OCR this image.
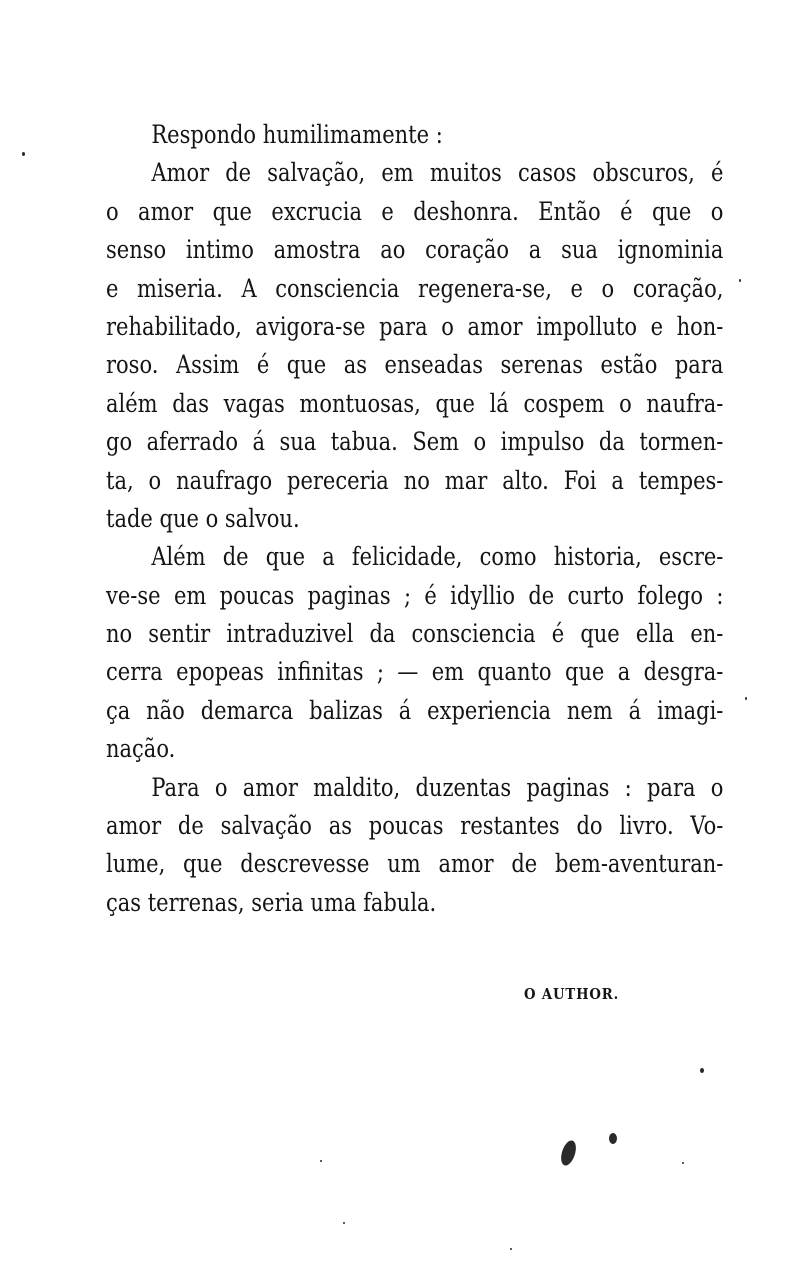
Respondo humilimamente :
Amor de salvação, em muitos casos obscuros, é
o amor que excrucia e deshonra. Então é que o
senso intimo amostra ao coração a sua ignominia
e miseria. A consciencia regenera-se, e o coração,
rehabilitado, avigora-se para o amor impolluto e hon-
roso. Assim é que as enseadas serenas estão para
além das vagas montuosas, que lá cospem o naufra-
go aferrado á sua tabua. Sem o impulso da tormen-
ta, o naufrago pereceria no mar alto. Foi a tempes-
tade que o salvou.
Além de que a felicidade, como historia, escre-
ve-se em poucas paginas ; é idyllio de curto folego :
no sentir intraduzivel da consciencia é que ella en-
cerra epopeas infinitas ; — em quanto que a desgra-
ça não demarca balizas á experiencia nem á imagi-
nação.
Para o amor maldito, duzentas paginas : para o
amor de salvação as poucas restantes do livro. Vo-
lume, que descrevesse um amor de bem-aventuran-
ças terrenas, seria uma fabula.
O AUTHOR.
